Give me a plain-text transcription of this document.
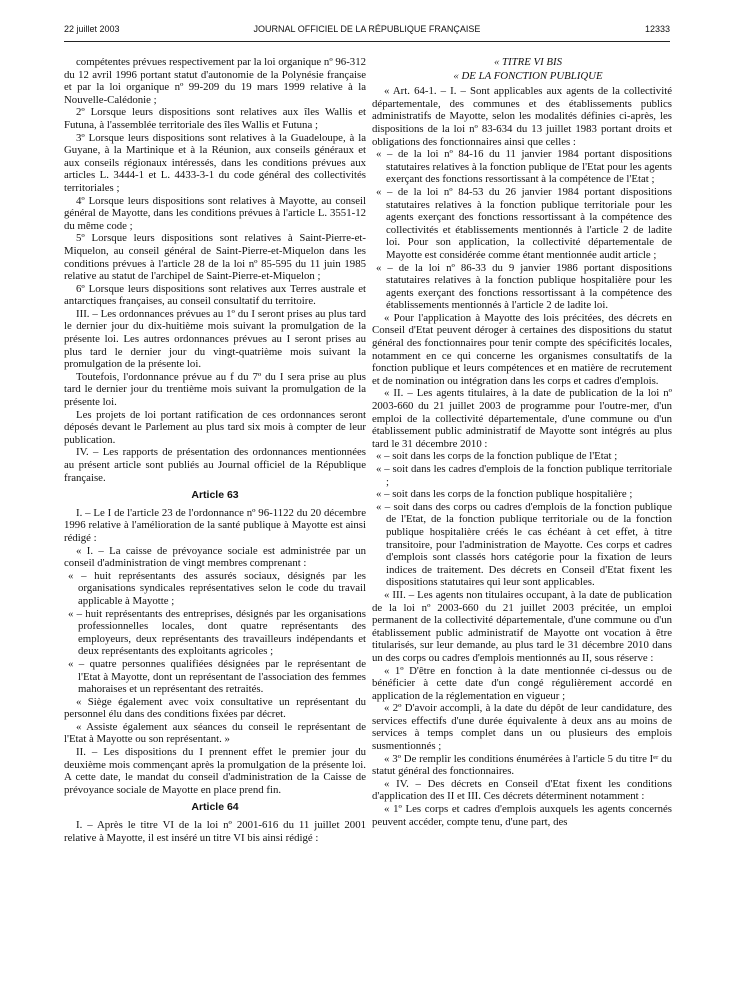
22 juillet 2003	JOURNAL OFFICIEL DE LA RÉPUBLIQUE FRANÇAISE	12333

compétentes prévues respectivement par la loi organique nº 96-312 du 12 avril 1996 portant statut d'autonomie de la Polynésie française et par la loi organique nº 99-209 du 19 mars 1999 relative à la Nouvelle-Calédonie ;

2º Lorsque leurs dispositions sont relatives aux îles Wallis et Futuna, à l'assemblée territoriale des îles Wallis et Futuna ;

3º Lorsque leurs dispositions sont relatives à la Guadeloupe, à la Guyane, à la Martinique et à la Réunion, aux conseils généraux et aux conseils régionaux intéressés, dans les conditions prévues aux articles L. 3444-1 et L. 4433-3-1 du code général des collectivités territoriales ;

4º Lorsque leurs dispositions sont relatives à Mayotte, au conseil général de Mayotte, dans les conditions prévues à l'article L. 3551-12 du même code ;

5º Lorsque leurs dispositions sont relatives à Saint-Pierre-et-Miquelon, au conseil général de Saint-Pierre-et-Miquelon dans les conditions prévues à l'article 28 de la loi nº 85-595 du 11 juin 1985 relative au statut de l'archipel de Saint-Pierre-et-Miquelon ;

6º Lorsque leurs dispositions sont relatives aux Terres australe et antarctiques françaises, au conseil consultatif du territoire.

III. – Les ordonnances prévues au 1º du I seront prises au plus tard le dernier jour du dix-huitième mois suivant la promulgation de la présente loi. Les autres ordonnances prévues au I seront prises au plus tard le dernier jour du vingt-quatrième mois suivant la promulgation de la présente loi.

Toutefois, l'ordonnance prévue au f du 7º du I sera prise au plus tard le dernier jour du trentième mois suivant la promulgation de la présente loi.

Les projets de loi portant ratification de ces ordonnances seront déposés devant le Parlement au plus tard six mois à compter de leur publication.

IV. – Les rapports de présentation des ordonnances mentionnées au présent article sont publiés au Journal officiel de la République française.

Article 63

I. – Le I de l'article 23 de l'ordonnance nº 96-1122 du 20 décembre 1996 relative à l'amélioration de la santé publique à Mayotte est ainsi rédigé :

« I. – La caisse de prévoyance sociale est administrée par un conseil d'administration de vingt membres comprenant :

« – huit représentants des assurés sociaux, désignés par les organisations syndicales représentatives selon le code du travail applicable à Mayotte ;

« – huit représentants des entreprises, désignés par les organisations professionnelles locales, dont quatre représentants des employeurs, deux représentants des travailleurs indépendants et deux représentants des exploitants agricoles ;

« – quatre personnes qualifiées désignées par le représentant de l'Etat à Mayotte, dont un représentant de l'association des femmes mahoraises et un représentant des retraités.

« Siège également avec voix consultative un représentant du personnel élu dans des conditions fixées par décret.

« Assiste également aux séances du conseil le représentant de l'Etat à Mayotte ou son représentant. »

II. – Les dispositions du I prennent effet le premier jour du deuxième mois commençant après la promulgation de la présente loi. A cette date, le mandat du conseil d'administration de la Caisse de prévoyance sociale de Mayotte en place prend fin.

Article 64

I. – Après le titre VI de la loi nº 2001-616 du 11 juillet 2001 relative à Mayotte, il est inséré un titre VI bis ainsi rédigé :

« TITRE VI BIS

« DE LA FONCTION PUBLIQUE

« Art. 64-1. – I. – Sont applicables aux agents de la collectivité départementale, des communes et des établissements publics administratifs de Mayotte, selon les modalités définies ci-après, les dispositions de la loi nº 83-634 du 13 juillet 1983 portant droits et obligations des fonctionnaires ainsi que celles :

« – de la loi nº 84-16 du 11 janvier 1984 portant dispositions statutaires relatives à la fonction publique de l'Etat pour les agents exerçant des fonctions ressortissant à la compétence de l'Etat ;

« – de la loi nº 84-53 du 26 janvier 1984 portant dispositions statutaires relatives à la fonction publique territoriale pour les agents exerçant des fonctions ressortissant à la compétence des collectivités et établissements mentionnés à l'article 2 de ladite loi. Pour son application, la collectivité départementale de Mayotte est considérée comme étant mentionnée audit article ;

« – de la loi nº 86-33 du 9 janvier 1986 portant dispositions statutaires relatives à la fonction publique hospitalière pour les agents exerçant des fonctions ressortissant à la compétence des établissements mentionnés à l'article 2 de ladite loi.

« Pour l'application à Mayotte des lois précitées, des décrets en Conseil d'Etat peuvent déroger à certaines des dispositions du statut général des fonctionnaires pour tenir compte des spécificités locales, notamment en ce qui concerne les organismes consultatifs de la fonction publique et leurs compétences et en matière de recrutement et de nomination ou intégration dans les corps et cadres d'emplois.

« II. – Les agents titulaires, à la date de publication de la loi nº 2003-660 du 21 juillet 2003 de programme pour l'outre-mer, d'un emploi de la collectivité départementale, d'une commune ou d'un établissement public administratif de Mayotte sont intégrés au plus tard le 31 décembre 2010 :

« – soit dans les corps de la fonction publique de l'Etat ;

« – soit dans les cadres d'emplois de la fonction publique territoriale ;

« – soit dans les corps de la fonction publique hospitalière ;

« – soit dans des corps ou cadres d'emplois de la fonction publique de l'Etat, de la fonction publique territoriale ou de la fonction publique hospitalière créés le cas échéant à cet effet, à titre transitoire, pour l'administration de Mayotte. Ces corps et cadres d'emplois sont classés hors catégorie pour la fixation de leurs indices de traitement. Des décrets en Conseil d'Etat fixent les dispositions statutaires qui leur sont applicables.

« III. – Les agents non titulaires occupant, à la date de publication de la loi nº 2003-660 du 21 juillet 2003 précitée, un emploi permanent de la collectivité départementale, d'une commune ou d'un établissement public administratif de Mayotte ont vocation à être titularisés, sur leur demande, au plus tard le 31 décembre 2010 dans un des corps ou cadres d'emplois mentionnés au II, sous réserve :

« 1º D'être en fonction à la date mentionnée ci-dessus ou de bénéficier à cette date d'un congé régulièrement accordé en application de la réglementation en vigueur ;

« 2º D'avoir accompli, à la date du dépôt de leur candidature, des services effectifs d'une durée équivalente à deux ans au moins de services à temps complet dans un ou plusieurs des emplois susmentionnés ;

« 3º De remplir les conditions énumérées à l'article 5 du titre Iᵉʳ du statut général des fonctionnaires.

« IV. – Des décrets en Conseil d'Etat fixent les conditions d'application des II et III. Ces décrets déterminent notamment :

« 1º Les corps et cadres d'emplois auxquels les agents concernés peuvent accéder, compte tenu, d'une part, des
